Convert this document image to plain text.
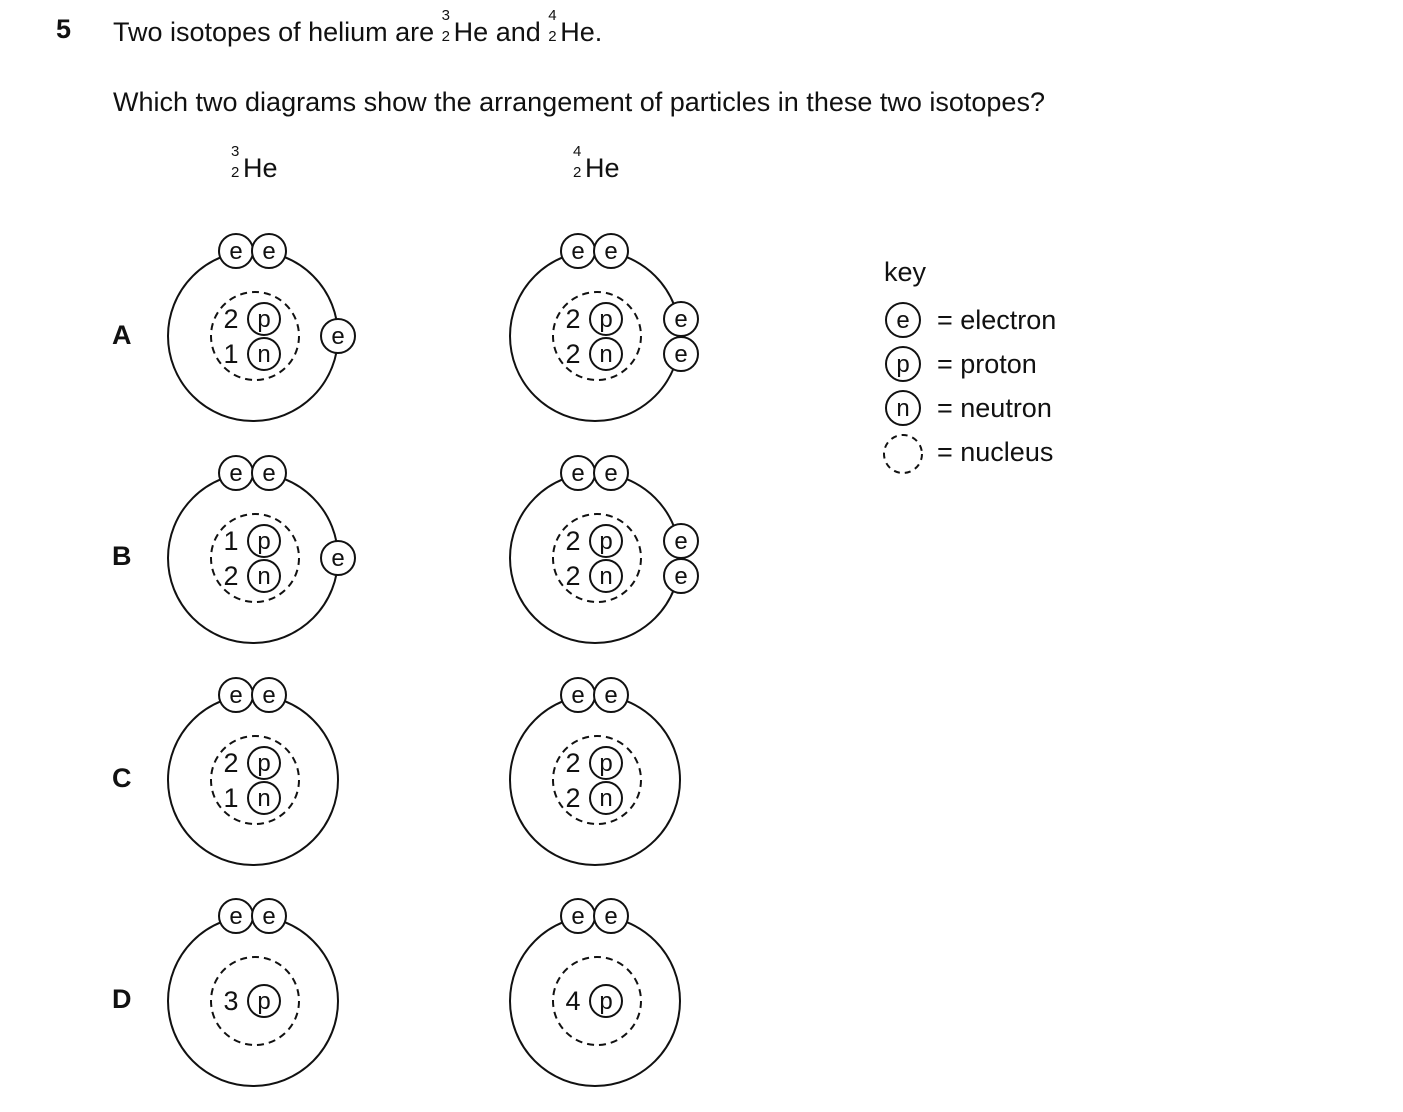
5 Two isotopes of helium are
3
2 He and
4
2 He.
Which two diagrams show the arrangement of particles in these two isotopes?
3
2 He
4
2 He
A
B
C
D
e e
e
2 p
1 n
e e
e
e
2 p
2 n
e e
e
1 p
2 n
e e
e
e
2 p
2 n
e e
2 p
1 n
e e
2 p
2 n
e e
3 p
e e
4 p
key
e = electron
p = proton
n = neutron
= nucleus
